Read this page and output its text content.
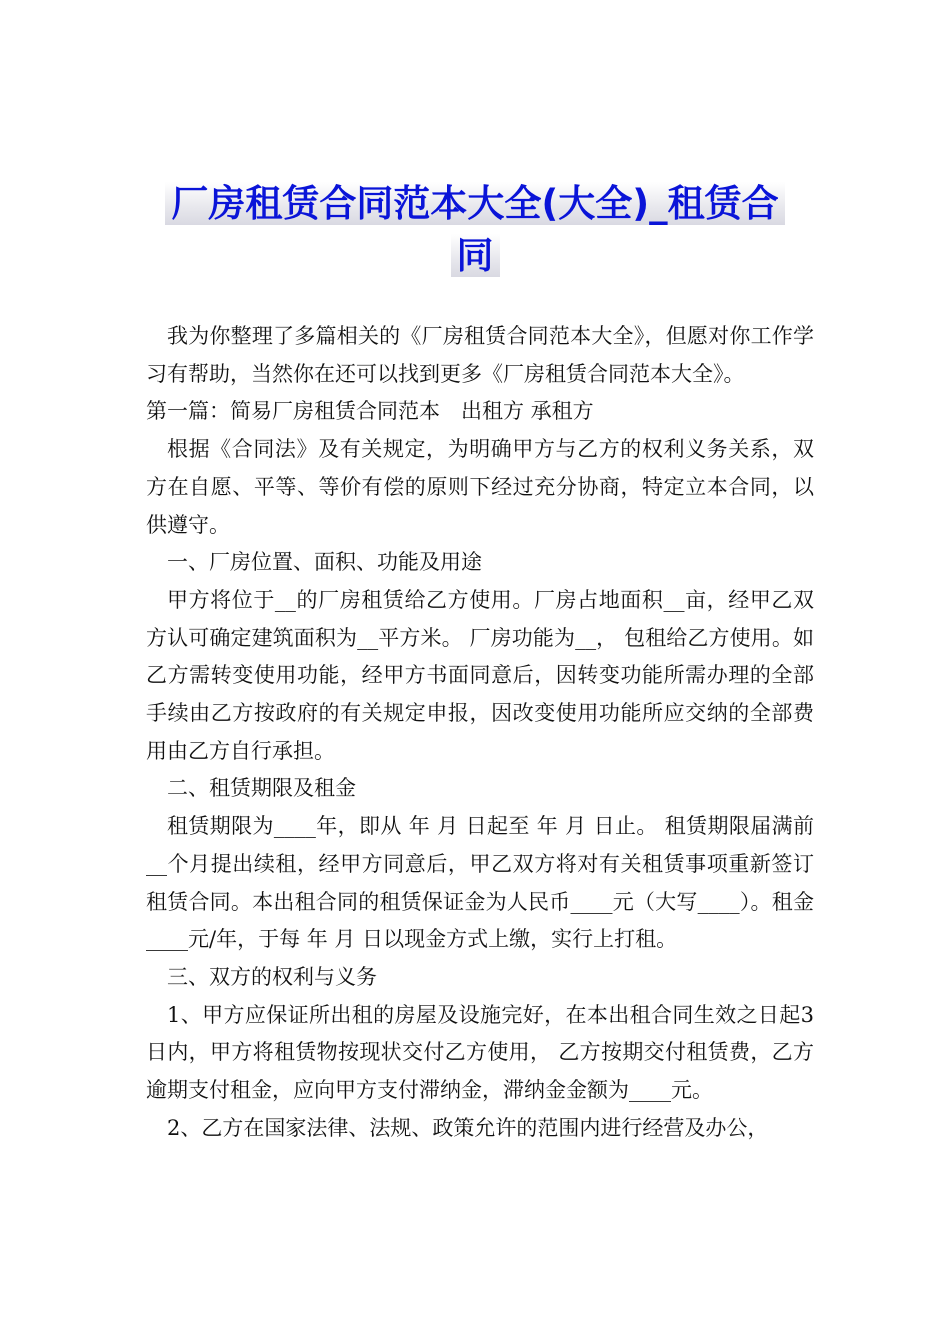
厂房租赁合同范本大全(大全)_租赁合同

我为你整理了多篇相关的《厂房租赁合同范本大全》，但愿对你工作学习有帮助，当然你在还可以找到更多《厂房租赁合同范本大全》。

第一篇：简易厂房租赁合同范本　出租方 承租方

根据《合同法》及有关规定，为明确甲方与乙方的权利义务关系，双方在自愿、平等、等价有偿的原则下经过充分协商，特定立本合同，以供遵守。

一、厂房位置、面积、功能及用途

甲方将位于__的厂房租赁给乙方使用。厂房占地面积__亩，经甲乙双方认可确定建筑面积为__平方米。 厂房功能为__， 包租给乙方使用。如乙方需转变使用功能，经甲方书面同意后，因转变功能所需办理的全部手续由乙方按政府的有关规定申报，因改变使用功能所应交纳的全部费用由乙方自行承担。

二、租赁期限及租金

租赁期限为____年，即从 年 月 日起至 年 月 日止。 租赁期限届满前__个月提出续租，经甲方同意后，甲乙双方将对有关租赁事项重新签订租赁合同。本出租合同的租赁保证金为人民币____元（大写____）。租金____元/年，于每 年 月 日以现金方式上缴，实行上打租。

三、双方的权利与义务

1、甲方应保证所出租的房屋及设施完好，在本出租合同生效之日起3日内，甲方将租赁物按现状交付乙方使用， 乙方按期交付租赁费，乙方逾期支付租金，应向甲方支付滞纳金，滞纳金金额为____元。

2、乙方在国家法律、法规、政策允许的范围内进行经营及办公，
